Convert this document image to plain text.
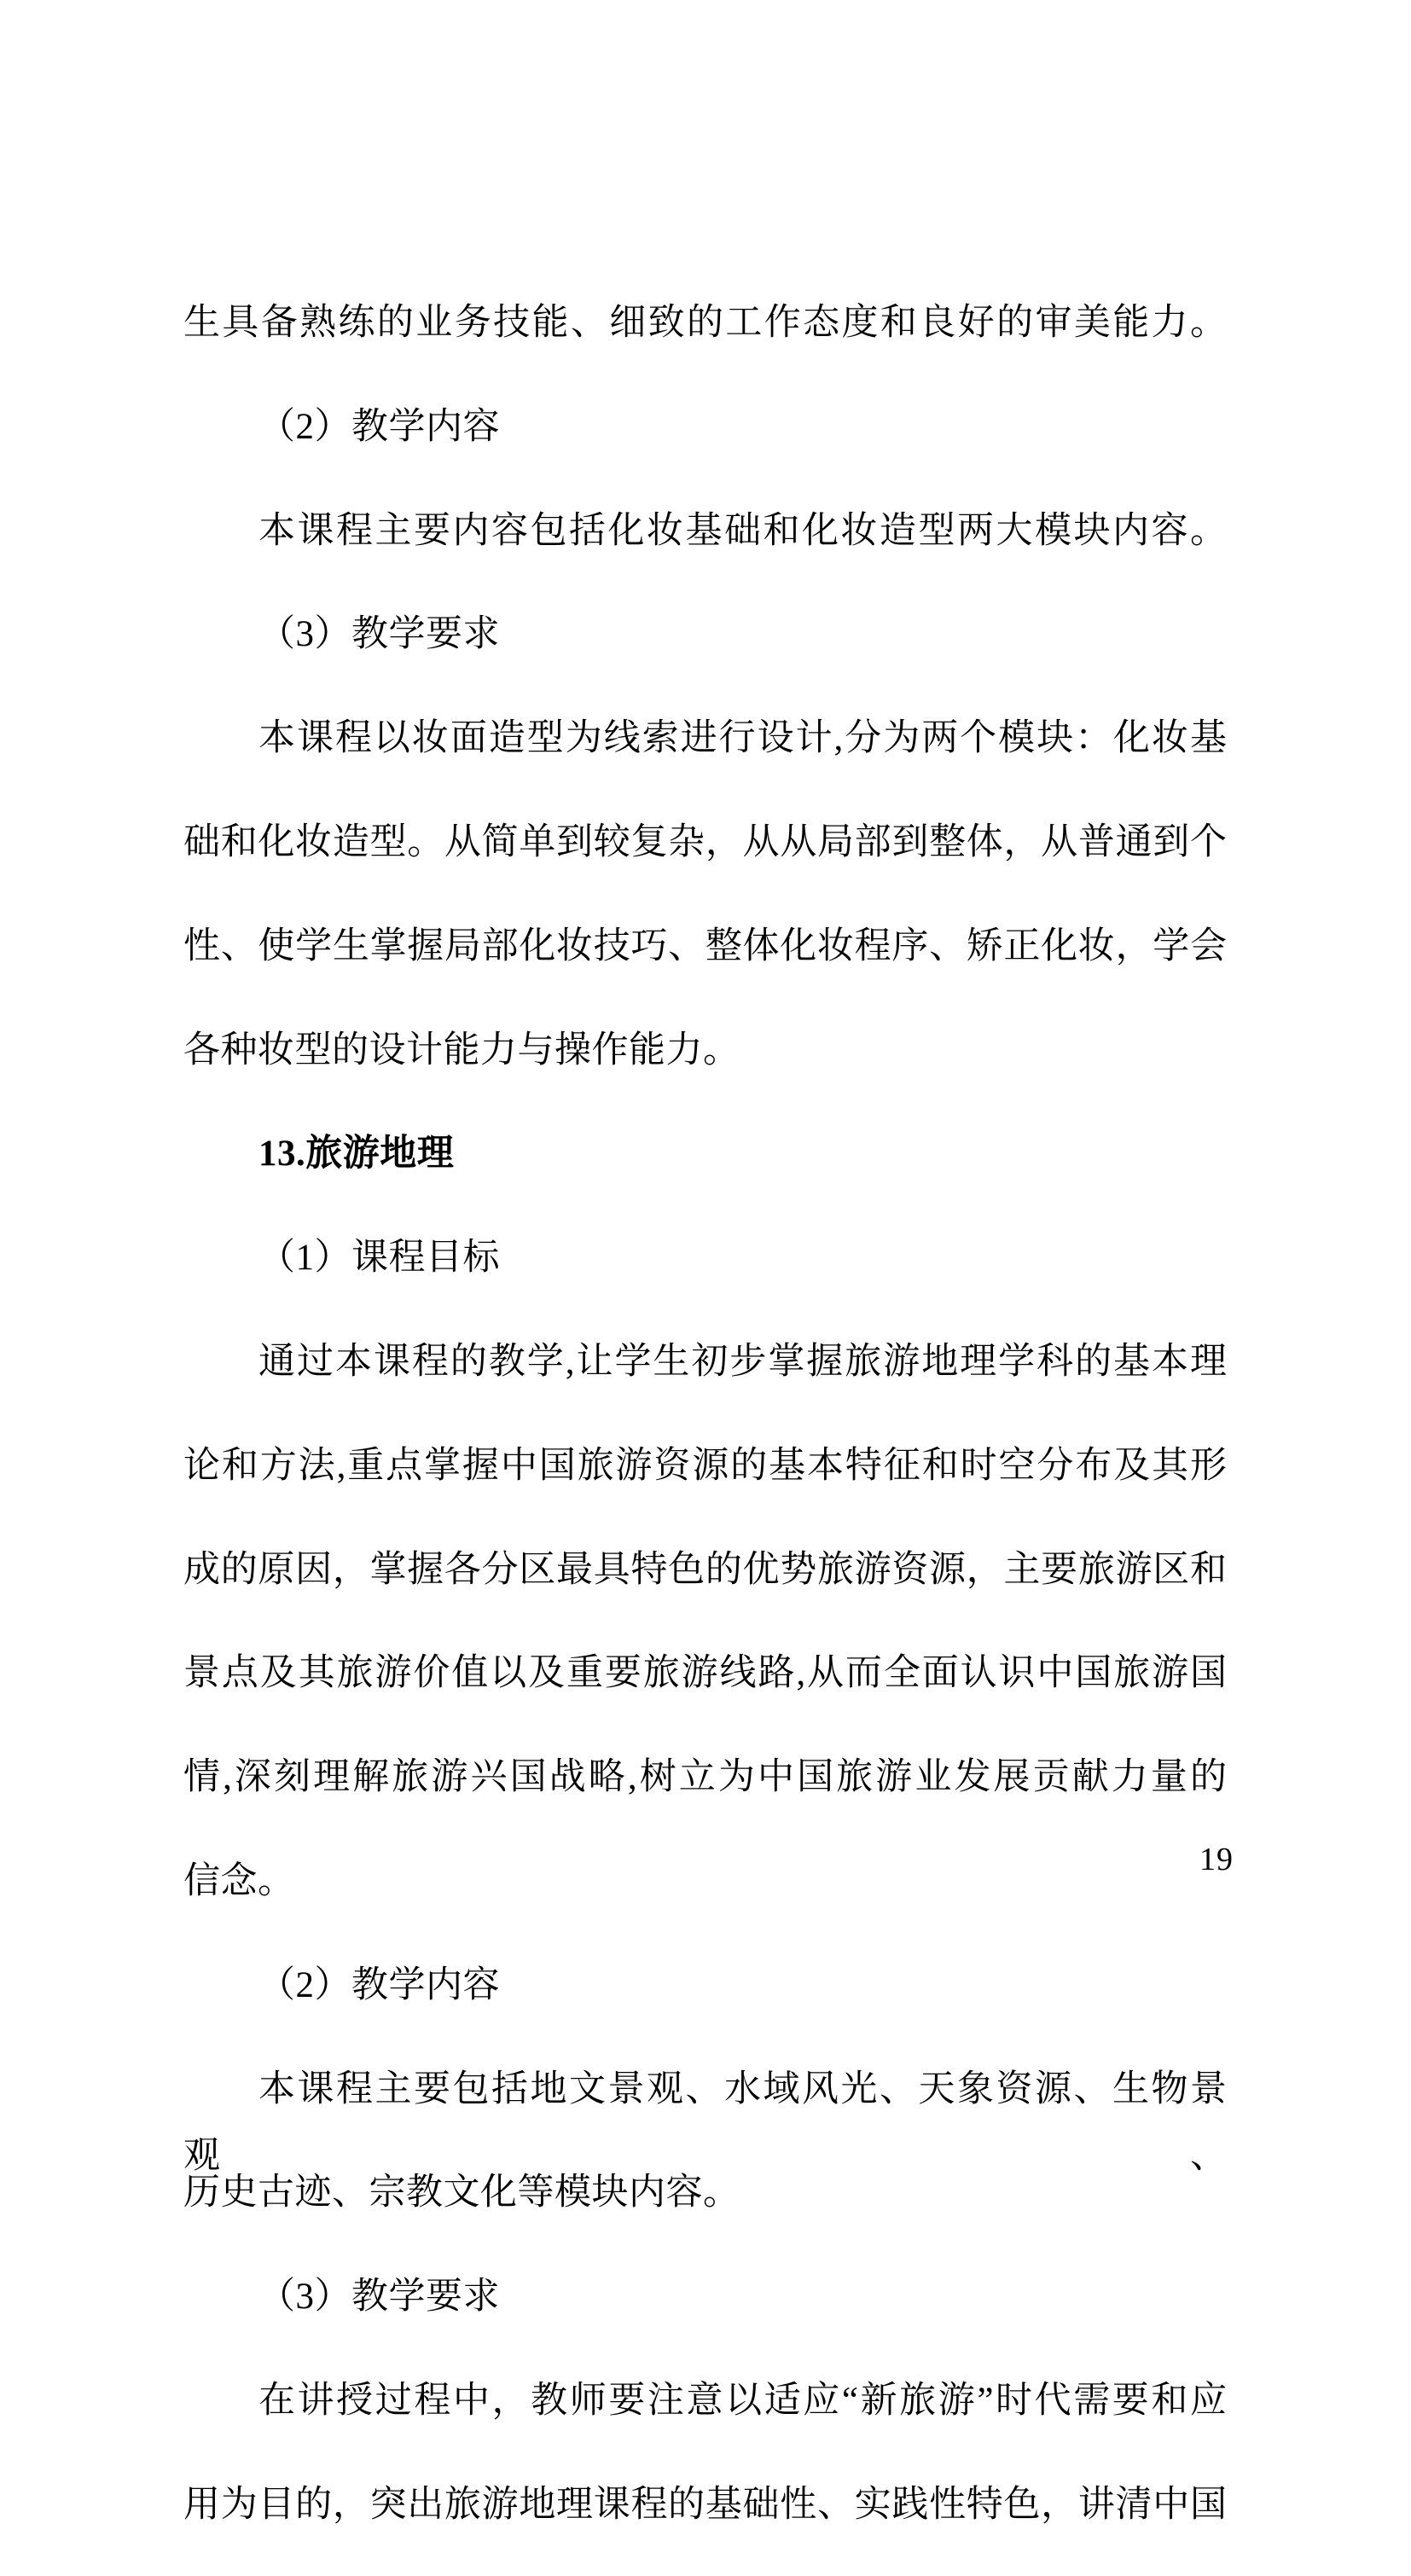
生具备熟练的业务技能、细致的工作态度和良好的审美能力。

（2）教学内容

本课程主要内容包括化妆基础和化妆造型两大模块内容。

（3）教学要求

本课程以妆面造型为线索进行设计,分为两个模块：化妆基

础和化妆造型。从简单到较复杂，从从局部到整体，从普通到个

性、使学生掌握局部化妆技巧、整体化妆程序、矫正化妆，学会

各种妆型的设计能力与操作能力。

13.旅游地理

（1）课程目标

通过本课程的教学,让学生初步掌握旅游地理学科的基本理

论和方法,重点掌握中国旅游资源的基本特征和时空分布及其形

成的原因，掌握各分区最具特色的优势旅游资源，主要旅游区和

景点及其旅游价值以及重要旅游线路,从而全面认识中国旅游国

情,深刻理解旅游兴国战略,树立为中国旅游业发展贡献力量的

信念。

（2）教学内容

本课程主要包括地文景观、水域风光、天象资源、生物景观、

历史古迹、宗教文化等模块内容。

（3）教学要求

在讲授过程中，教师要注意以适应“新旅游”时代需要和应

用为目的，突出旅游地理课程的基础性、实践性特色，讲清中国

19
